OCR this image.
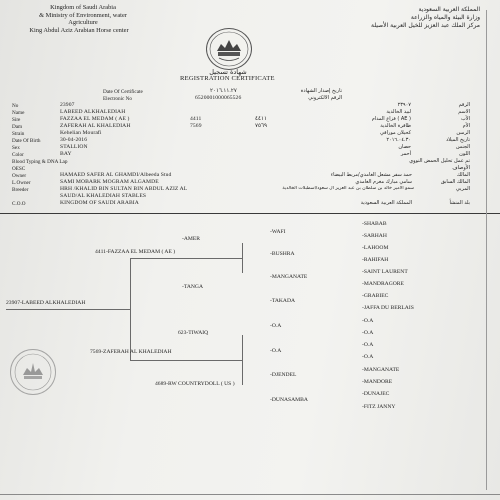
Kingdom of Saudi Arabia
& Ministry of Environment, water
Agriculture
King Abdul Aziz Arabian Horse center
المملكة العربية السعودية
وزارة البيئة والمياه والزراعة
مركز الملك عبد العزيز للخيل العربية الأصيلة
شهادة تسجيل
REGISTRATION CERTIFICATE
Date Of Certificate	٢٠١٦.١١.٢٧	تاريخ إصدار الشهادة
Electronic No	6520001000065526	الرقم الالكتروني
No	23907	٢٣٩٠٧	الرقم
Name	LABEED ALKHALEDIAH	لبيد الخالدية	الاسم
Sire	FAZZAA EL MEDAM ( AE )	4411	٤٤١١	( AE ) فزاع المدام	الأب
Dam	ZAFERAH AL KHALEDIAH	7569	٧٥٦٩	ظافرة الخالدية	الأم
Strain	Kehelian Mourafi	كحيلان مورافي	الرسن
Date Of Birth	30-04-2016	٢٠١٦.٠٤.٣٠	تاريخ الميلاد
Sex	STALLION	حصان	الجنس
Color	BAY	أحمر	اللون
Blood Typing & DNA Lap	تم عمل تحليل الحمض النووي
OESC	الأوصاف
Owner	HAMAED SAFER AL GHAMDI/Albeeda Stud	حمد سفر مشعل الغامدي/مربط البيضاء	المالك
L.Owner	SAMI MOBARK MOGRAM ALGAMDE	سامي مبارك مغرم الغامدي	المالك السابق
Breeder	HRH /KHALID BIN SULTAN BIN ABDUL AZIZ AL
SAUD/AL KHALEDIAH STABLES
سمو الأمير خالد بن سلطان بن عبد العزيز آل سعود/اسطبلات الخالدية	المربي
C.O.O	KINGDOM OF SAUDI ARABIA	المملكة العربية السعودية	بلد المنشأ
23907-LABEED ALKHALEDIAH
4411-FAZZAA EL MEDAM ( AE )
7569-ZAFERAH AL KHALEDIAH
-AMER
-TANGA
623-TIWAIQ
4689-RW COUNTRYDOLL ( US )
-WAFI
-BUSHRA
-MANGANATE
-TAKADA
-O.A
-O.A
-DJENDEL
-DUNASAMBA
-SHABAB
-SARHAH
-LAHOOM
-RAHIFAH
-SAINT LAURENT
-MANDRAGORE
-GRABIEC
-JAFFA DU BERLAIS
-O.A
-O.A
-O.A
-O.A
-MANGANATE
-MANDORE
-DUNAJEC
-FITZ JANNY
